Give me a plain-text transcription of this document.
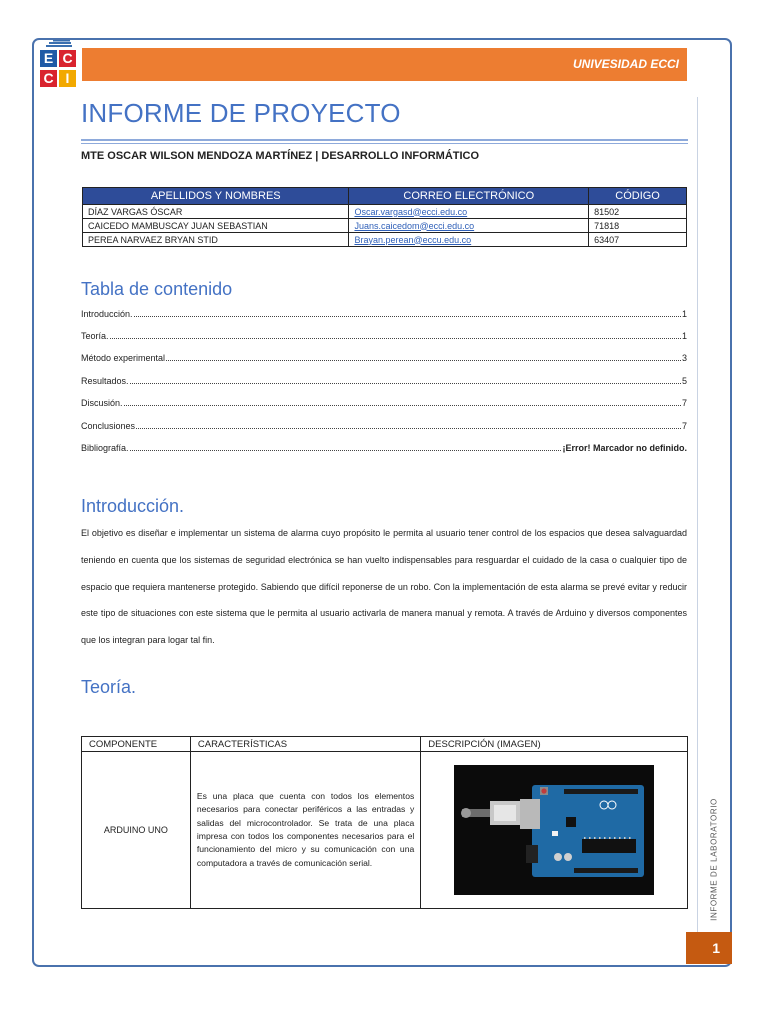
E C
C I
UNIVESIDAD ECCI
INFORME DE PROYECTO
MTE OSCAR WILSON MENDOZA MARTÍNEZ | DESARROLLO INFORMÁTICO
APELLIDOS Y NOMBRES	CORREO ELECTRÓNICO	CÓDIGO
DÍAZ VARGAS ÓSCAR	Oscar.vargasd@ecci.edu.co	81502
CAICEDO MAMBUSCAY JUAN SEBASTIAN	Juans.caicedom@ecci.edu.co	71818
PEREA NARVAEZ BRYAN STID	Brayan.perean@eccu.edu.co	63407
Tabla de contenido
Introducción.	1
Teoría.	1
Método experimental	3
Resultados.	5
Discusión.	7
Conclusiones	7
Bibliografía.	¡Error! Marcador no definido.
Introducción.
El objetivo es diseñar e implementar un sistema de alarma cuyo propósito le permita al usuario tener control de los espacios que desea salvaguardad teniendo en cuenta que los sistemas de seguridad electrónica se han vuelto indispensables para resguardar el cuidado de la casa o cualquier tipo de espacio que requiera mantenerse protegido. Sabiendo que difícil reponerse de un robo. Con la implementación de esta alarma se prevé evitar y reducir este tipo de situaciones con este sistema que le permita al usuario activarla de manera manual y remota. A través de Arduino y diversos componentes que los integran para logar tal fin.
Teoría.
COMPONENTE	CARACTERÍSTICAS	DESCRIPCIÓN (IMAGEN)
ARDUINO UNO	Es una placa que cuenta con todos los elementos necesarios para conectar periféricos a las entradas y salidas del microcontrolador. Se trata de una placa impresa con todos los componentes necesarios para el funcionamiento del micro y su comunicación con una computadora a través de comunicación serial.		INFORME DE LABORATORIO
1
